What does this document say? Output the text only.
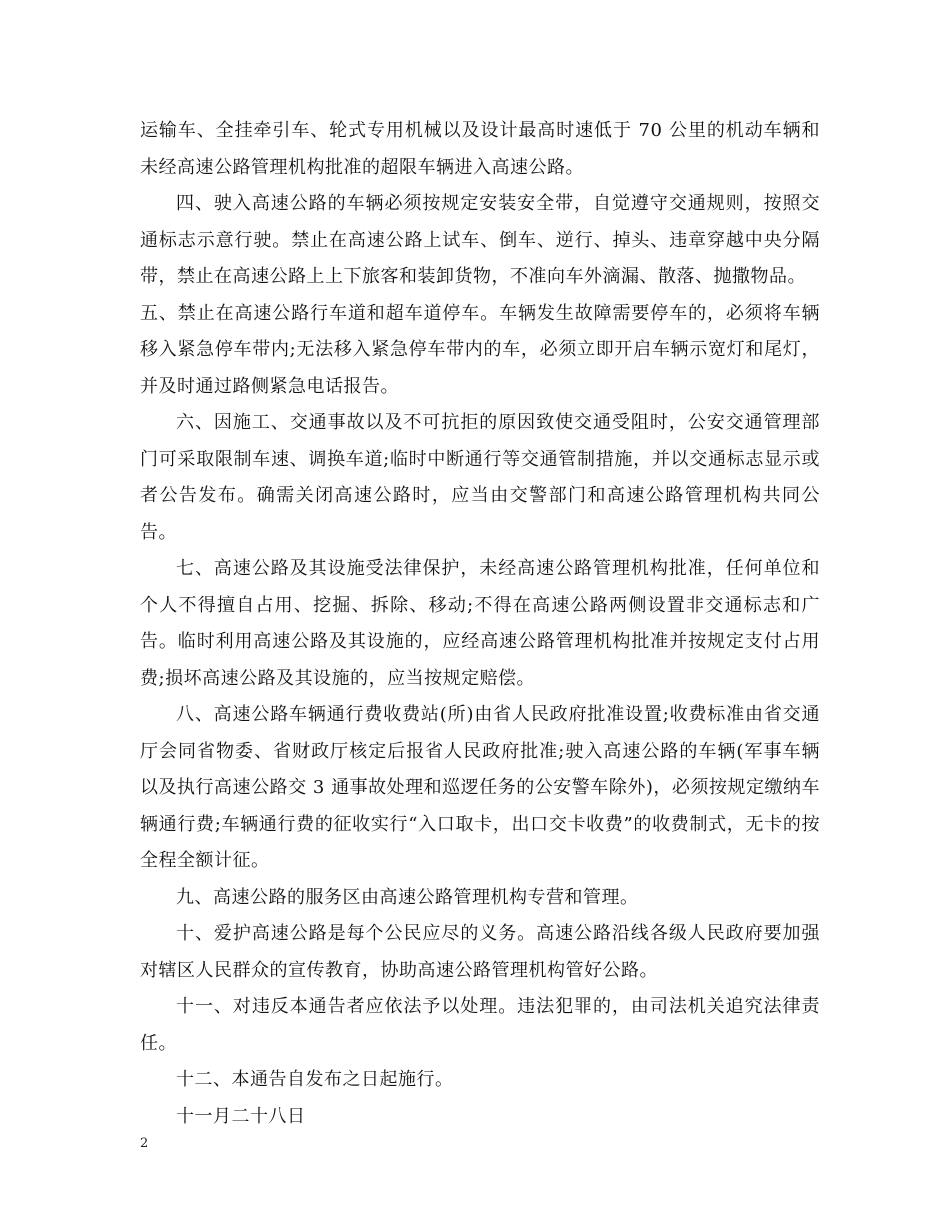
运输车、全挂牵引车、轮式专用机械以及设计最高时速低于 70 公里的机动车辆和未经高速公路管理机构批准的超限车辆进入高速公路。

四、驶入高速公路的车辆必须按规定安装安全带，自觉遵守交通规则，按照交通标志示意行驶。禁止在高速公路上试车、倒车、逆行、掉头、违章穿越中央分隔带，禁止在高速公路上上下旅客和装卸货物，不准向车外滴漏、散落、抛撒物品。

五、禁止在高速公路行车道和超车道停车。车辆发生故障需要停车的，必须将车辆移入紧急停车带内;无法移入紧急停车带内的车，必须立即开启车辆示宽灯和尾灯，并及时通过路侧紧急电话报告。

六、因施工、交通事故以及不可抗拒的原因致使交通受阻时，公安交通管理部门可采取限制车速、调换车道;临时中断通行等交通管制措施，并以交通标志显示或者公告发布。确需关闭高速公路时，应当由交警部门和高速公路管理机构共同公告。

七、高速公路及其设施受法律保护，未经高速公路管理机构批准，任何单位和个人不得擅自占用、挖掘、拆除、移动;不得在高速公路两侧设置非交通标志和广告。临时利用高速公路及其设施的，应经高速公路管理机构批准并按规定支付占用费;损坏高速公路及其设施的，应当按规定赔偿。

八、高速公路车辆通行费收费站(所)由省人民政府批准设置;收费标准由省交通厅会同省物委、省财政厅核定后报省人民政府批准;驶入高速公路的车辆(军事车辆以及执行高速公路交 3 通事故处理和巡逻任务的公安警车除外)，必须按规定缴纳车辆通行费;车辆通行费的征收实行“入口取卡，出口交卡收费”的收费制式，无卡的按全程全额计征。

九、高速公路的服务区由高速公路管理机构专营和管理。

十、爱护高速公路是每个公民应尽的义务。高速公路沿线各级人民政府要加强对辖区人民群众的宣传教育，协助高速公路管理机构管好公路。

十一、对违反本通告者应依法予以处理。违法犯罪的，由司法机关追究法律责任。

十二、本通告自发布之日起施行。

十一月二十八日

2
